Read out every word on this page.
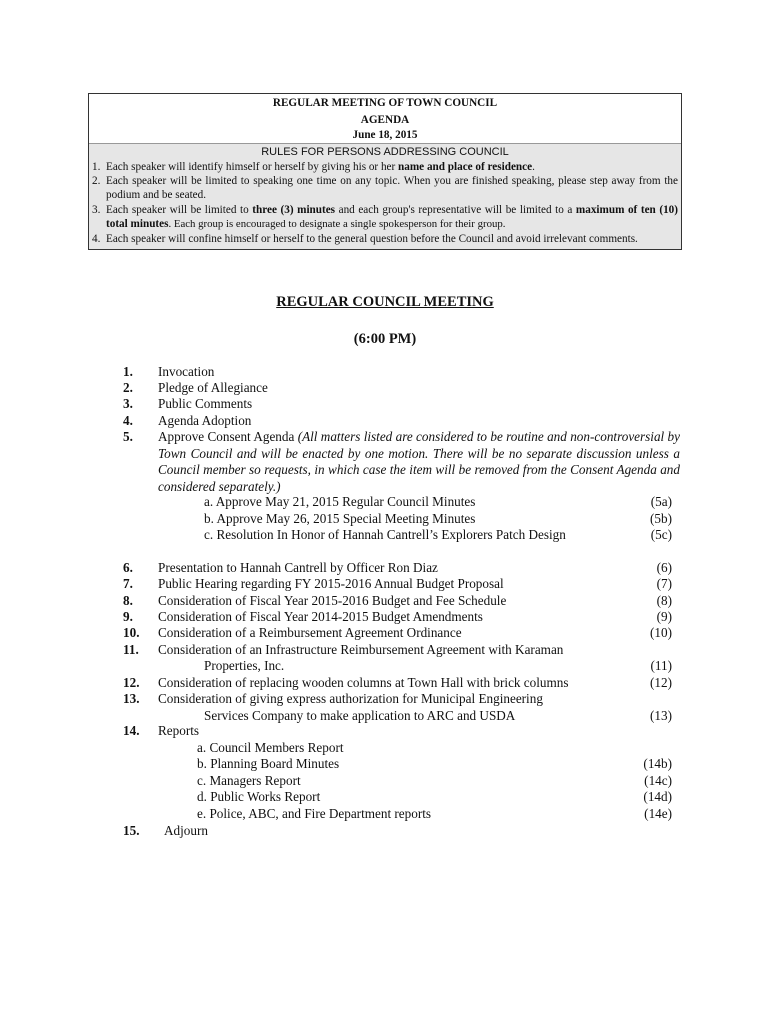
REGULAR MEETING OF TOWN COUNCIL
AGENDA
June 18, 2015
RULES FOR PERSONS ADDRESSING COUNCIL
1. Each speaker will identify himself or herself by giving his or her name and place of residence.
2. Each speaker will be limited to speaking one time on any topic. When you are finished speaking, please step away from the podium and be seated.
3. Each speaker will be limited to three (3) minutes and each group's representative will be limited to a maximum of ten (10) total minutes. Each group is encouraged to designate a single spokesperson for their group.
4. Each speaker will confine himself or herself to the general question before the Council and avoid irrelevant comments.
REGULAR COUNCIL MEETING
(6:00 PM)
1. Invocation
2. Pledge of Allegiance
3. Public Comments
4. Agenda Adoption
5. Approve Consent Agenda (All matters listed are considered to be routine and non-controversial by Town Council and will be enacted by one motion. There will be no separate discussion unless a Council member so requests, in which case the item will be removed from the Consent Agenda and considered separately.)
a. Approve May 21, 2015 Regular Council Minutes	(5a)
b. Approve May 26, 2015 Special Meeting Minutes	(5b)
c. Resolution In Honor of Hannah Cantrell’s Explorers Patch Design	(5c)
6. Presentation to Hannah Cantrell by Officer Ron Diaz	(6)
7. Public Hearing regarding FY 2015-2016 Annual Budget Proposal	(7)
8. Consideration of Fiscal Year 2015-2016 Budget and Fee Schedule	(8)
9. Consideration of Fiscal Year 2014-2015 Budget Amendments	(9)
10. Consideration of a Reimbursement Agreement Ordinance	(10)
11. Consideration of an Infrastructure Reimbursement Agreement with Karaman
Properties, Inc.	(11)
12. Consideration of replacing wooden columns at Town Hall with brick columns	(12)
13. Consideration of giving express authorization for Municipal Engineering
Services Company to make application to ARC and USDA	(13)
14. Reports
a. Council Members Report
b. Planning Board Minutes	(14b)
c. Managers Report	(14c)
d. Public Works Report	(14d)
e. Police, ABC, and Fire Department reports	(14e)
15. Adjourn
